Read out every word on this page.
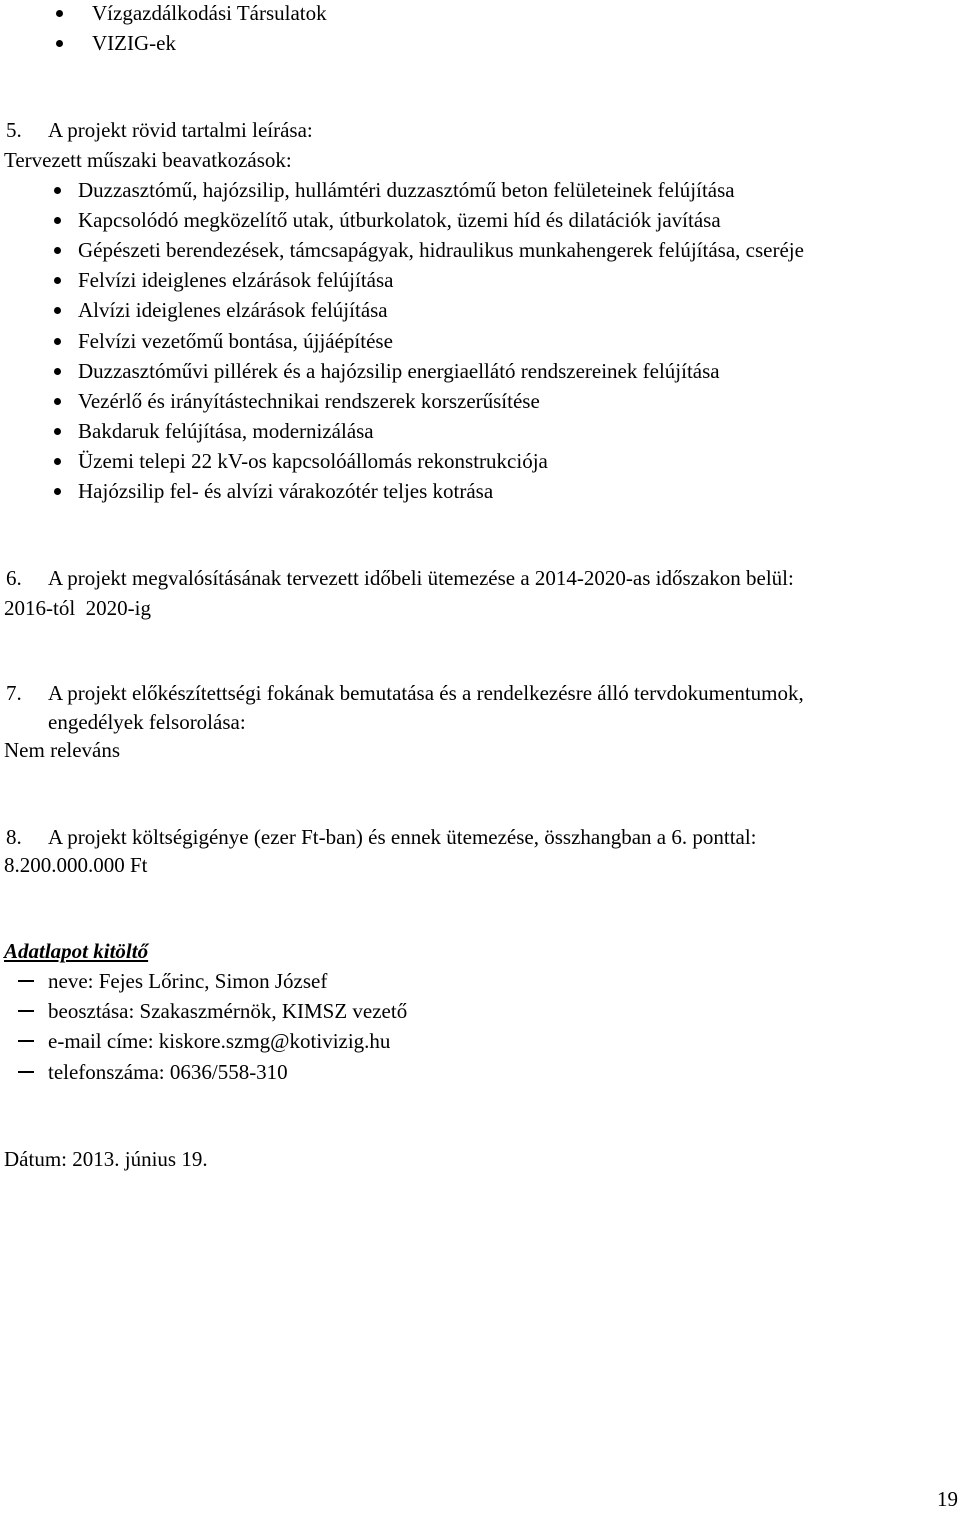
Vízgazdálkodási Társulatok
VIZIG-ek
5. A projekt rövid tartalmi leírása:
Tervezett műszaki beavatkozások:
Duzzasztómű, hajózsilip, hullámtéri duzzasztómű beton felületeinek felújítása
Kapcsolódó megközelítő utak, útburkolatok, üzemi híd és dilatációk javítása
Gépészeti berendezések, támcsapágyak, hidraulikus munkahengerek felújítása, cseréje
Felvízi ideiglenes elzárások felújítása
Alvízi ideiglenes elzárások felújítása
Felvízi vezetőmű bontása, újjáépítése
Duzzasztóművi pillérek és a hajózsilip energiaellátó rendszereinek felújítása
Vezérlő és irányítástechnikai rendszerek korszerűsítése
Bakdaruk felújítása, modernizálása
Üzemi telepi 22 kV-os kapcsolóállomás rekonstrukciója
Hajózsilip fel- és alvízi várakozótér teljes kotrása
6. A projekt megvalósításának tervezett időbeli ütemezése a 2014-2020-as időszakon belül:
2016-tól  2020-ig
7. A projekt előkészítettségi fokának bemutatása és a rendelkezésre álló tervdokumentumok,
engedélyek felsorolása:
Nem releváns
8. A projekt költségigénye (ezer Ft-ban) és ennek ütemezése, összhangban a 6. ponttal:
8.200.000.000 Ft
Adatlapot kitöltő
neve: Fejes Lőrinc, Simon József
beosztása: Szakaszmérnök, KIMSZ vezető
e-mail címe: kiskore.szmg@kotivizig.hu
telefonszáma: 0636/558-310
Dátum: 2013. június 19.
19
